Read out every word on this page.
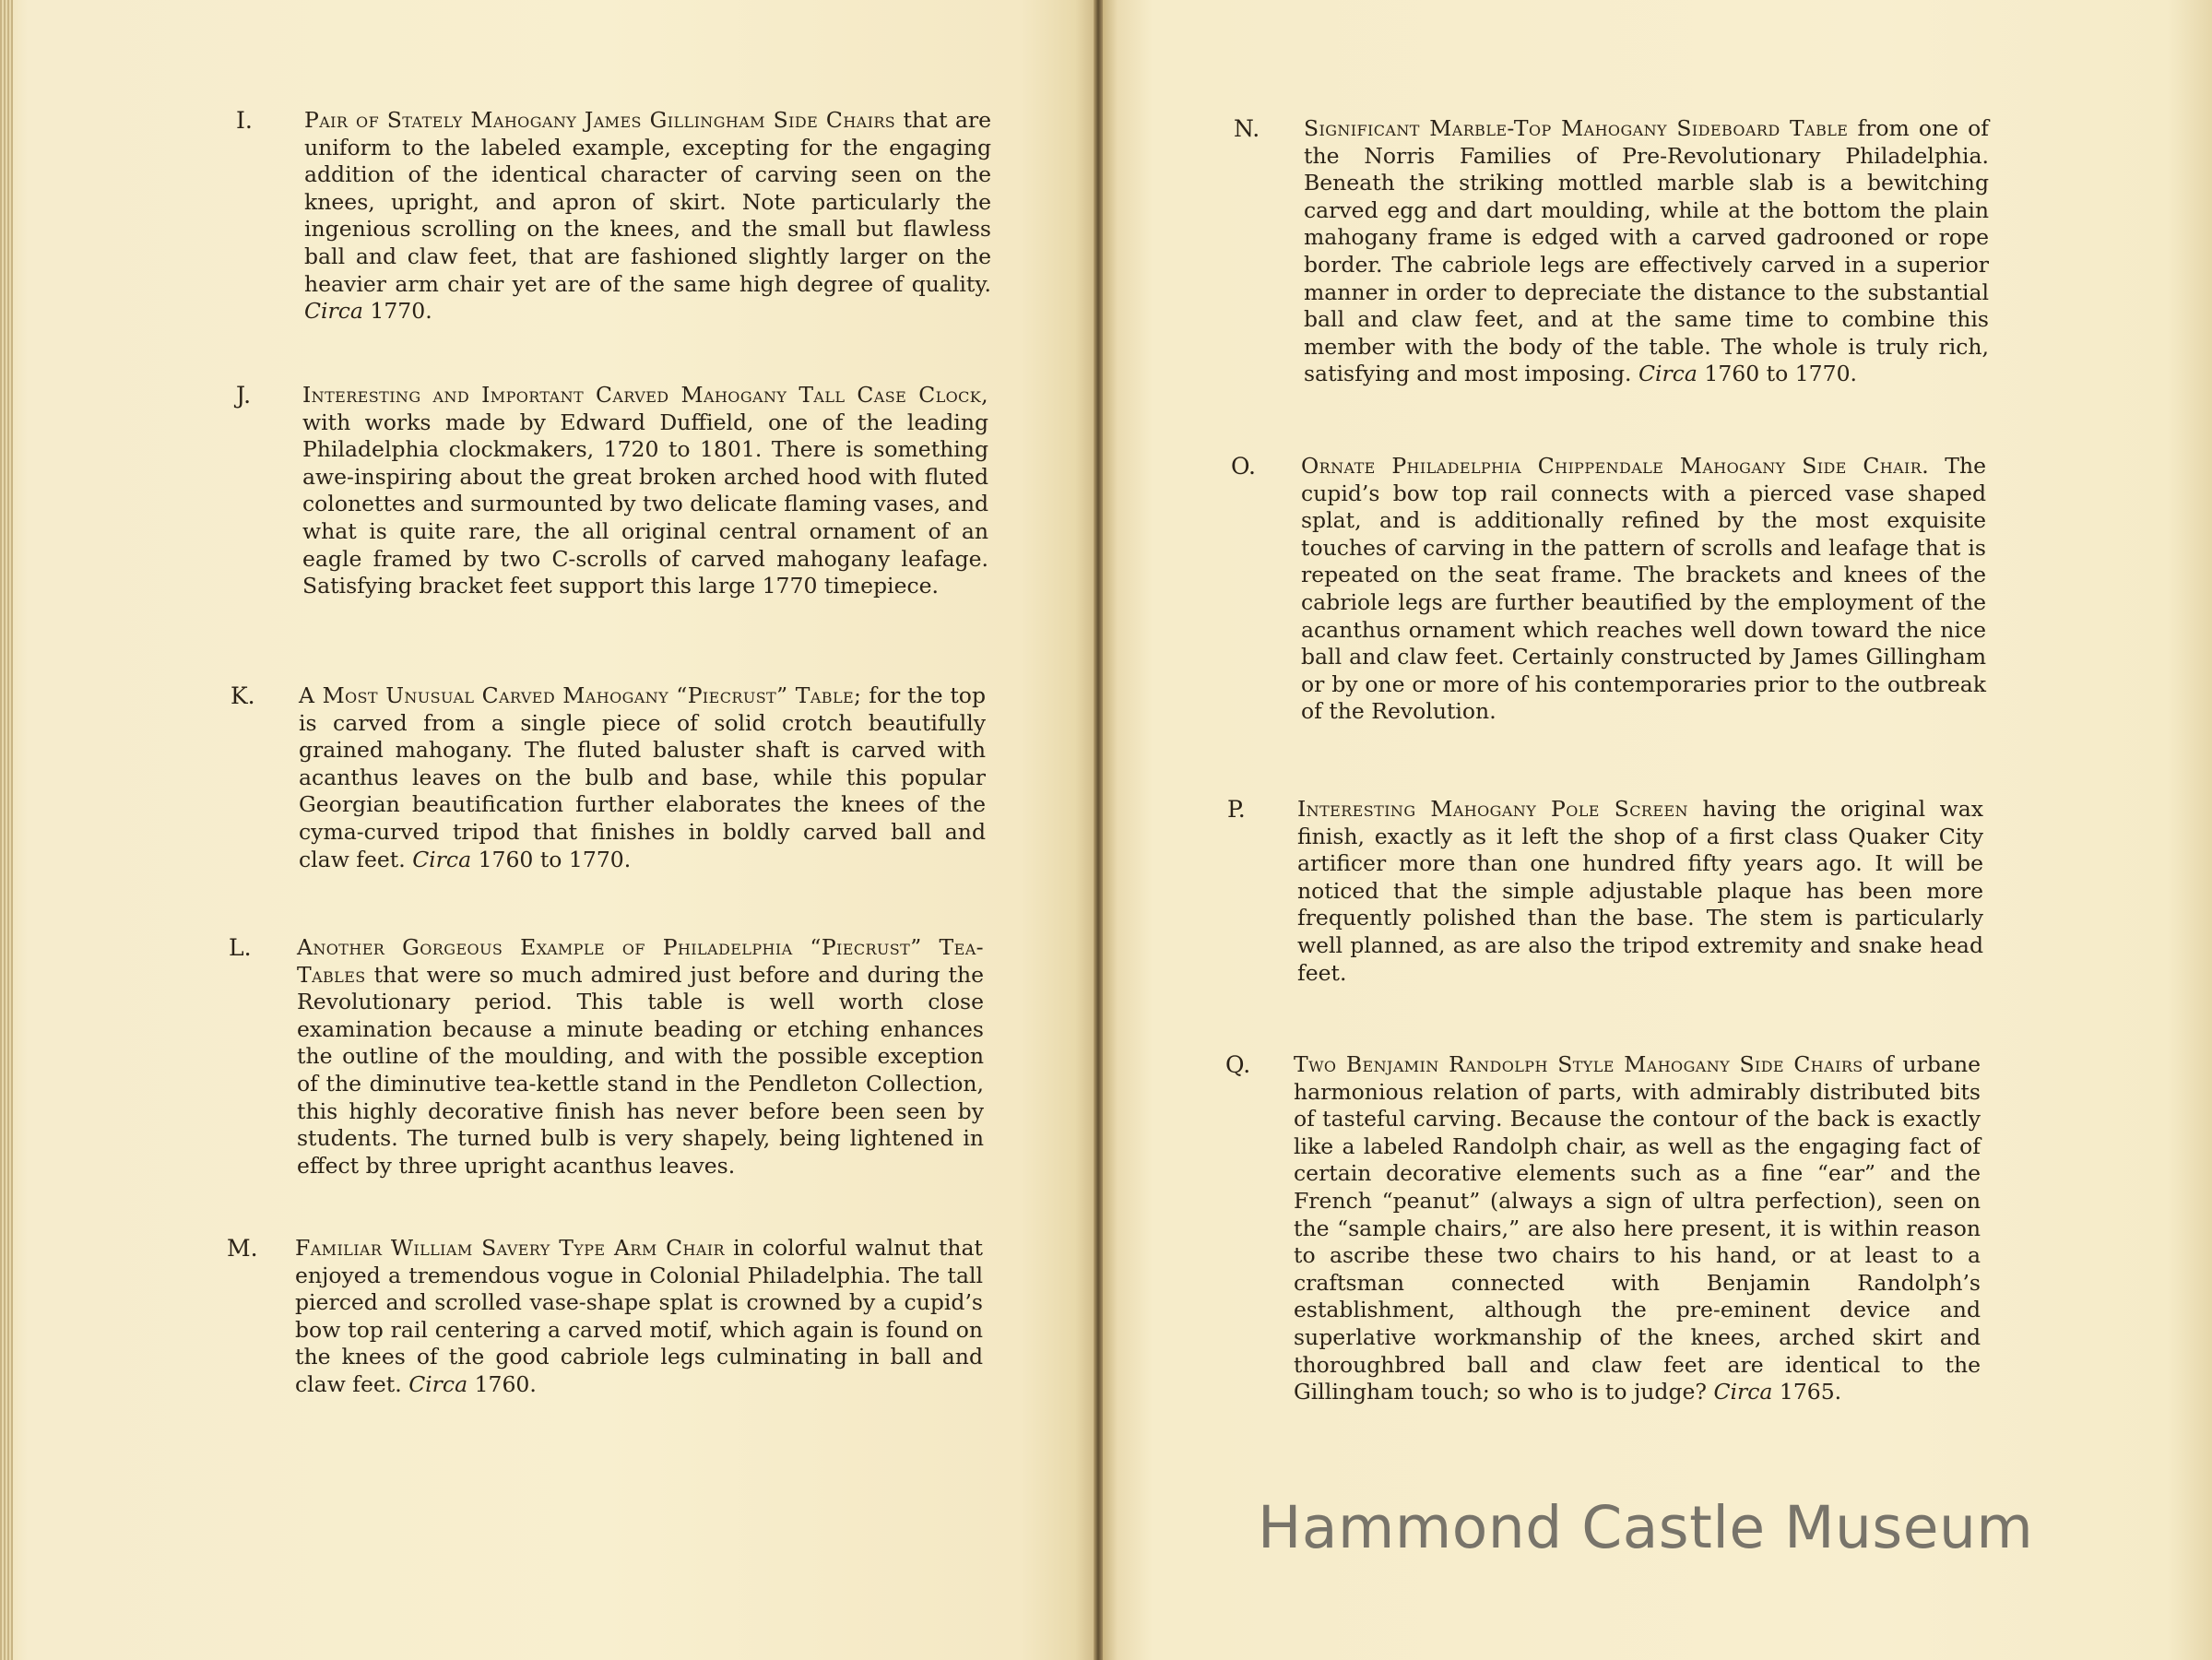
I. Pair of Stately Mahogany James Gillingham Side Chairs that are uniform to the labeled example, excepting for the engaging addition of the identical character of carving seen on the knees, upright, and apron of skirt. Note particularly the ingenious scrolling on the knees, and the small but flawless ball and claw feet, that are fashioned slightly larger on the heavier arm chair yet are of the same high degree of quality. Circa 1770.
J. Interesting and Important Carved Mahogany Tall Case Clock, with works made by Edward Duffield, one of the leading Philadelphia clockmakers, 1720 to 1801. There is something awe-inspiring about the great broken arched hood with fluted colonettes and surmounted by two delicate flaming vases, and what is quite rare, the all original central ornament of an eagle framed by two C-scrolls of carved mahogany leafage. Satisfying bracket feet support this large 1770 timepiece.
K. A Most Unusual Carved Mahogany “Piecrust” Table; for the top is carved from a single piece of solid crotch beautifully grained mahogany. The fluted baluster shaft is carved with acanthus leaves on the bulb and base, while this popular Georgian beautification further elaborates the knees of the cyma-curved tripod that finishes in boldly carved ball and claw feet. Circa 1760 to 1770.
L. Another Gorgeous Example of Philadelphia “Piecrust” Tea-Tables that were so much admired just before and during the Revolutionary period. This table is well worth close examination because a minute beading or etching enhances the outline of the moulding, and with the possible exception of the diminutive tea-kettle stand in the Pendleton Collection, this highly decorative finish has never before been seen by students. The turned bulb is very shapely, being lightened in effect by three upright acanthus leaves.
M. Familiar William Savery Type Arm Chair in colorful walnut that enjoyed a tremendous vogue in Colonial Philadelphia. The tall pierced and scrolled vase-shape splat is crowned by a cupid’s bow top rail centering a carved motif, which again is found on the knees of the good cabriole legs culminating in ball and claw feet. Circa 1760.
N. Significant Marble-Top Mahogany Sideboard Table from one of the Norris Families of Pre-Revolutionary Philadelphia. Beneath the striking mottled marble slab is a bewitching carved egg and dart moulding, while at the bottom the plain mahogany frame is edged with a carved gadrooned or rope border. The cabriole legs are effectively carved in a superior manner in order to depreciate the distance to the substantial ball and claw feet, and at the same time to combine this member with the body of the table. The whole is truly rich, satisfying and most imposing. Circa 1760 to 1770.
O. Ornate Philadelphia Chippendale Mahogany Side Chair. The cupid’s bow top rail connects with a pierced vase shaped splat, and is additionally refined by the most exquisite touches of carving in the pattern of scrolls and leafage that is repeated on the seat frame. The brackets and knees of the cabriole legs are further beautified by the employment of the acanthus ornament which reaches well down toward the nice ball and claw feet. Certainly constructed by James Gillingham or by one or more of his contemporaries prior to the outbreak of the Revolution.
P. Interesting Mahogany Pole Screen having the original wax finish, exactly as it left the shop of a first class Quaker City artificer more than one hundred fifty years ago. It will be noticed that the simple adjustable plaque has been more frequently polished than the base. The stem is particularly well planned, as are also the tripod extremity and snake head feet.
Q. Two Benjamin Randolph Style Mahogany Side Chairs of urbane harmonious relation of parts, with admirably distributed bits of tasteful carving. Because the contour of the back is exactly like a labeled Randolph chair, as well as the engaging fact of certain decorative elements such as a fine “ear” and the French “peanut” (always a sign of ultra perfection), seen on the “sample chairs,” are also here present, it is within reason to ascribe these two chairs to his hand, or at least to a craftsman connected with Benjamin Randolph’s establishment, although the pre-eminent device and superlative workmanship of the knees, arched skirt and thoroughbred ball and claw feet are identical to the Gillingham touch; so who is to judge? Circa 1765.
Hammond Castle Museum
